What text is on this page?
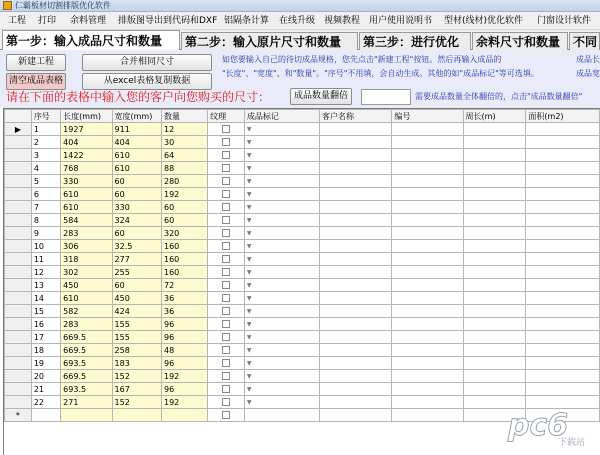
仁霸板材切割排版优化软件
工程 打印 余料管理 排版图导出到代码和DXF 铝隔条计算 在线升级 视频教程 用户使用说明书 型材(线材)优化软件 门窗设计软件
第一步：输入成品尺寸和数量	第二步：输入原片尺寸和数量	第三步：进行优化	余料尺寸和数量	不同
新建工程	合并相同尺寸
清空成品表格	从excel表格复制数据
如您要输入自己的待切成品规格，您先点击"新建工程"按钮。然后再输入成品的
"长度"、"宽度"、和"数量"。"序号"不用填，会自动生成。其他的如"成品标记"等可选填。
成品长
成品宽
请在下面的表格中输入您的客户向您购买的尺寸：	成品数量翻倍	需要成品数量全体翻倍的，点击"成品数量翻倍"
	序号	长度(mm)	宽度(mm)	数量	纹理	成品标记	客户名称	编号	周长(m)	面积(m2)
▶	1	1927	911	12		▼				
	2	404	404	30		▼				
	3	1422	610	64		▼				
	4	768	610	88		▼				
	5	330	60	280		▼				
	6	610	60	192		▼				
	7	610	330	60		▼				
	8	584	324	60		▼				
	9	283	60	320		▼				
	10	306	32.5	160		▼				
	11	318	277	160		▼				
	12	302	255	160		▼				
	13	450	60	72		▼				
	14	610	450	36		▼				
	15	582	424	36		▼				
	16	283	155	96		▼				
	17	669.5	155	96		▼				
	18	669.5	258	48		▼				
	19	693.5	183	96		▼				
	20	669.5	152	192		▼				
	21	693.5	167	96		▼				
	22	271	152	192		▼				
*											pc6
下载站
